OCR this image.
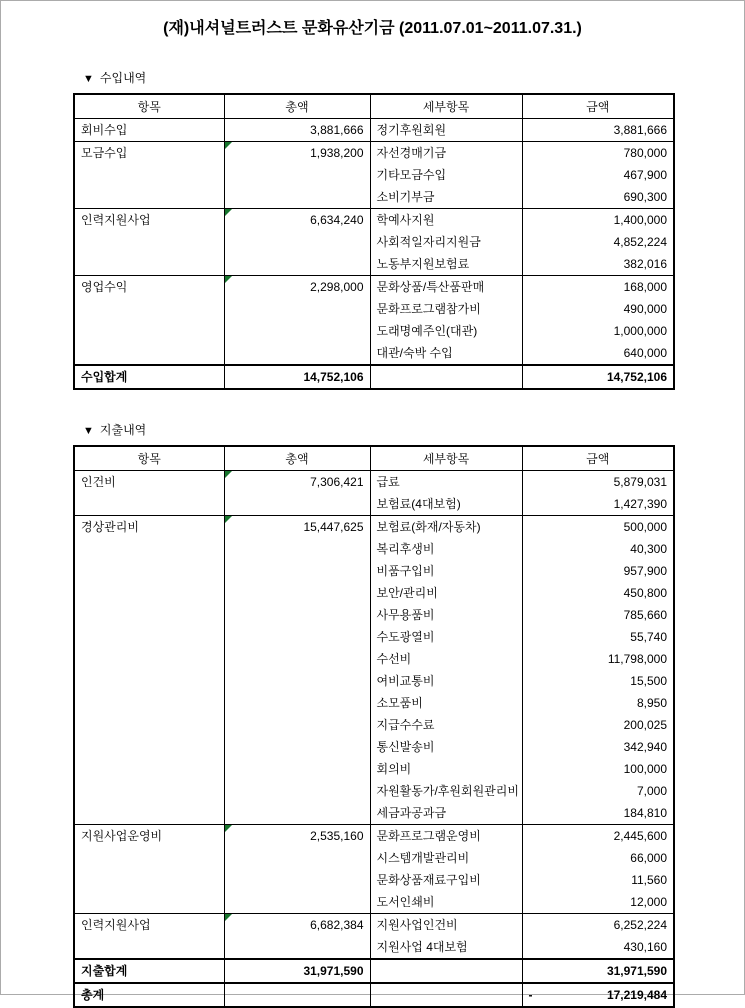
(재)내셔널트러스트 문화유산기금 (2011.07.01~2011.07.31.)
▼ 수입내역
항목	총액	세부항목	금액
회비수입	3,881,666	정기후원회원	3,881,666
모금수입	1,938,200	자선경매기금	780,000
		기타모금수입	467,900
		소비기부금	690,300
인력지원사업	6,634,240	학예사지원	1,400,000
		사회적일자리지원금	4,852,224
		노동부지원보험료	382,016
영업수익	2,298,000	문화상품/특산품판매	168,000
		문화프로그램참가비	490,000
		도래명예주인(대관)	1,000,000
		대관/숙박 수입	640,000
수입합계	14,752,106		14,752,106
▼ 지출내역
항목	총액	세부항목	금액
인건비	7,306,421	급료	5,879,031
		보험료(4대보험)	1,427,390
경상관리비	15,447,625	보험료(화재/자동차)	500,000
		복리후생비	40,300
		비품구입비	957,900
		보안/관리비	450,800
		사무용품비	785,660
		수도광열비	55,740
		수선비	11,798,000
		여비교통비	15,500
		소모품비	8,950
		지급수수료	200,025
		통신발송비	342,940
		회의비	100,000
		자원활동가/후원회원관리비	7,000
		세금과공과금	184,810
지원사업운영비	2,535,160	문화프로그램운영비	2,445,600
		시스템개발관리비	66,000
		문화상품재료구입비	11,560
		도서인쇄비	12,000
인력지원사업	6,682,384	지원사업인건비	6,252,224
		지원사업 4대보험	430,160
지출합계	31,971,590		31,971,590

총계			- 17,219,484
